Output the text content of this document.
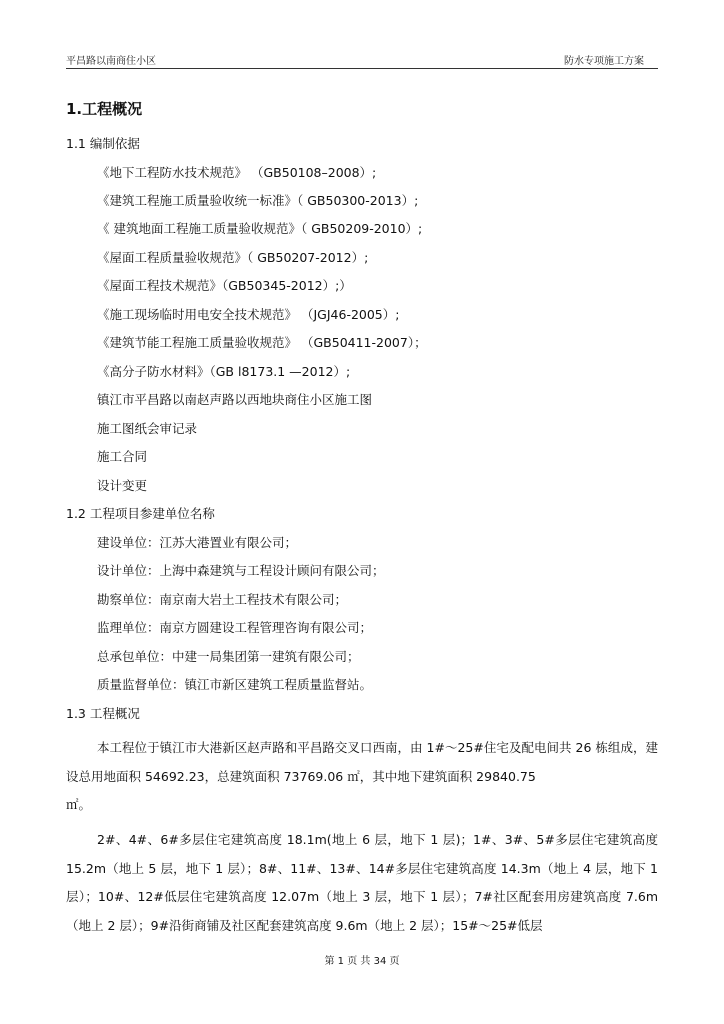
平昌路以南商住小区	防水专项施工方案
1.工程概况
1.1 编制依据
《地下工程防水技术规范》 （GB50108–2008）;
《建筑工程施工质量验收统一标准》（ GB50300-2013）;
《 建筑地面工程施工质量验收规范》（ GB50209-2010）;
《屋面工程质量验收规范》（ GB50207-2012）;
《屋面工程技术规范》（GB50345-2012）;）
《施工现场临时用电安全技术规范》 （JGJ46-2005）;
《建筑节能工程施工质量验收规范》 （GB50411-2007）；
《高分子防水材料》（GB l8173.1 —2012）;
镇江市平昌路以南赵声路以西地块商住小区施工图
施工图纸会审记录
施工合同
设计变更
1.2 工程项目参建单位名称
建设单位：江苏大港置业有限公司；
设计单位：上海中森建筑与工程设计顾问有限公司；
勘察单位：南京南大岩土工程技术有限公司；
监理单位：南京方圆建设工程管理咨询有限公司；
总承包单位：中建一局集团第一建筑有限公司；
质量监督单位：镇江市新区建筑工程质量监督站。
1.3 工程概况

本工程位于镇江市大港新区赵声路和平昌路交叉口西南，由 1#～25#住宅及配电间共 26 栋组成，建设总用地面积 54692.23，总建筑面积 73769.06 ㎡，其中地下建筑面积 29840.75

㎡。

2#、4#、6#多层住宅建筑高度 18.1m(地上 6 层，地下 1 层)；1#、3#、5#多层住宅建筑高度 15.2m（地上 5 层，地下 1 层）；8#、11#、13#、14#多层住宅建筑高度 14.3m（地上 4 层，地下 1 层）；10#、12#低层住宅建筑高度 12.07m（地上 3 层，地下 1 层）；7#社区配套用房建筑高度 7.6m（地上 2 层）；9#沿街商铺及社区配套建筑高度 9.6m（地上 2 层）；15#～25#低层

第 1 页 共 34 页
